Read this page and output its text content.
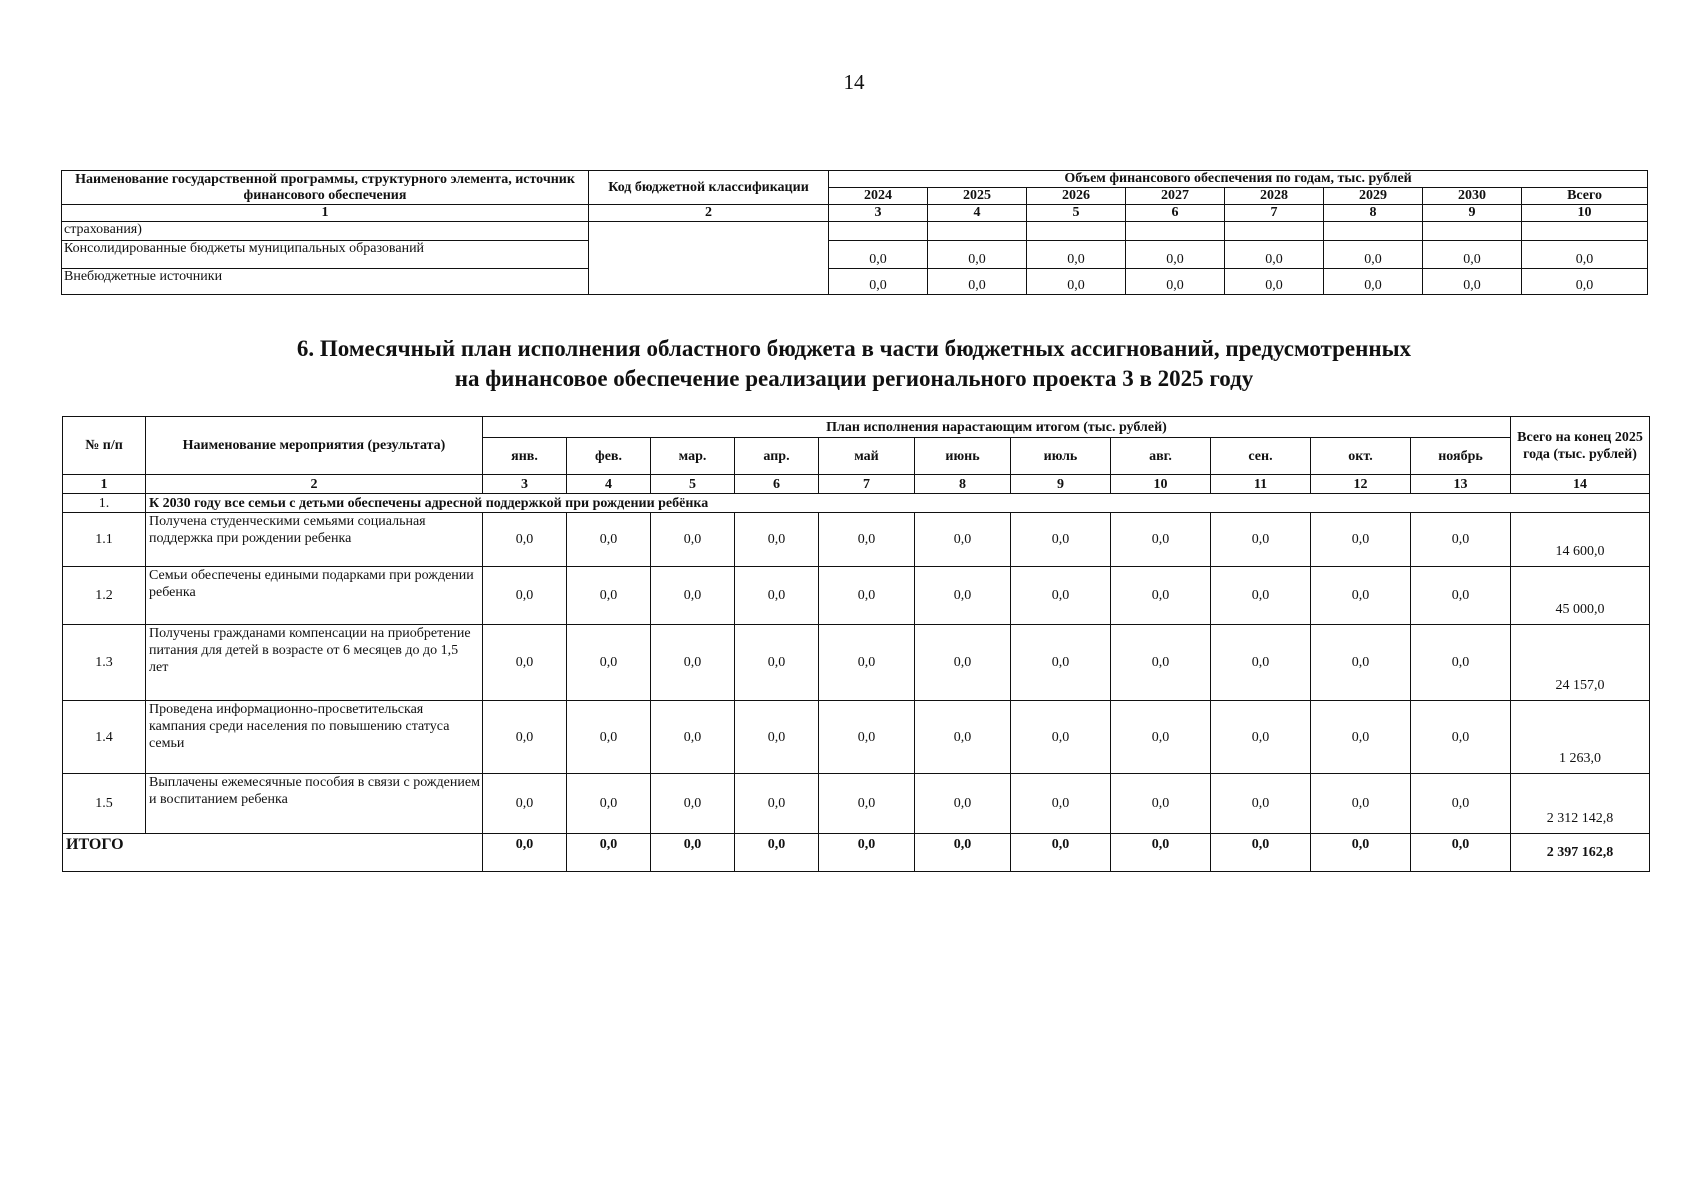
14
Наименование государственной программы, структурного элемента, источник финансового обеспечения	Код бюджетной классификации	Объем финансового обеспечения по годам, тыс. рублей							
		2024	2025	2026	2027	2028	2029	2030	Всего
1	2	3	4	5	6	7	8	9	10
страхования)									
Консолидированные бюджеты муниципальных образований		0,0	0,0	0,0	0,0	0,0	0,0	0,0	0,0
Внебюджетные источники		0,0	0,0	0,0	0,0	0,0	0,0	0,0	0,0
6. Помесячный план исполнения областного бюджета в части бюджетных ассигнований, предусмотренных
на финансовое обеспечение реализации регионального проекта 3 в 2025 году
№ п/п	Наименование мероприятия (результата)	План исполнения нарастающим итогом (тыс. рублей)											Всего на конец 2025 года (тыс. рублей)
		янв.	фев.	мар.	апр.	май	июнь	июль	авг.	сен.	окт.	ноябрь	
1	2	3	4	5	6	7	8	9	10	11	12	13	14
1.	К 2030 году все семьи с детьми обеспечены адресной поддержкой при рождении ребёнка												
1.1	Получена студенческими семьями социальная поддержка при рождении ребенка	0,0	0,0	0,0	0,0	0,0	0,0	0,0	0,0	0,0	0,0	0,0	14 600,0
1.2	Семьи обеспечены едиными подарками при рождении ребенка	0,0	0,0	0,0	0,0	0,0	0,0	0,0	0,0	0,0	0,0	0,0	45 000,0
1.3	Получены гражданами компенсации на приобретение питания для детей в возрасте от 6 месяцев до до 1,5 лет	0,0	0,0	0,0	0,0	0,0	0,0	0,0	0,0	0,0	0,0	0,0	24 157,0
1.4	Проведена информационно-просветительская кампания среди населения по повышению статуса семьи	0,0	0,0	0,0	0,0	0,0	0,0	0,0	0,0	0,0	0,0	0,0	1 263,0
1.5	Выплачены ежемесячные пособия в связи с рождением и воспитанием ребенка	0,0	0,0	0,0	0,0	0,0	0,0	0,0	0,0	0,0	0,0	0,0	2 312 142,8
ИТОГО		0,0	0,0	0,0	0,0	0,0	0,0	0,0	0,0	0,0	0,0	0,0	2 397 162,8
